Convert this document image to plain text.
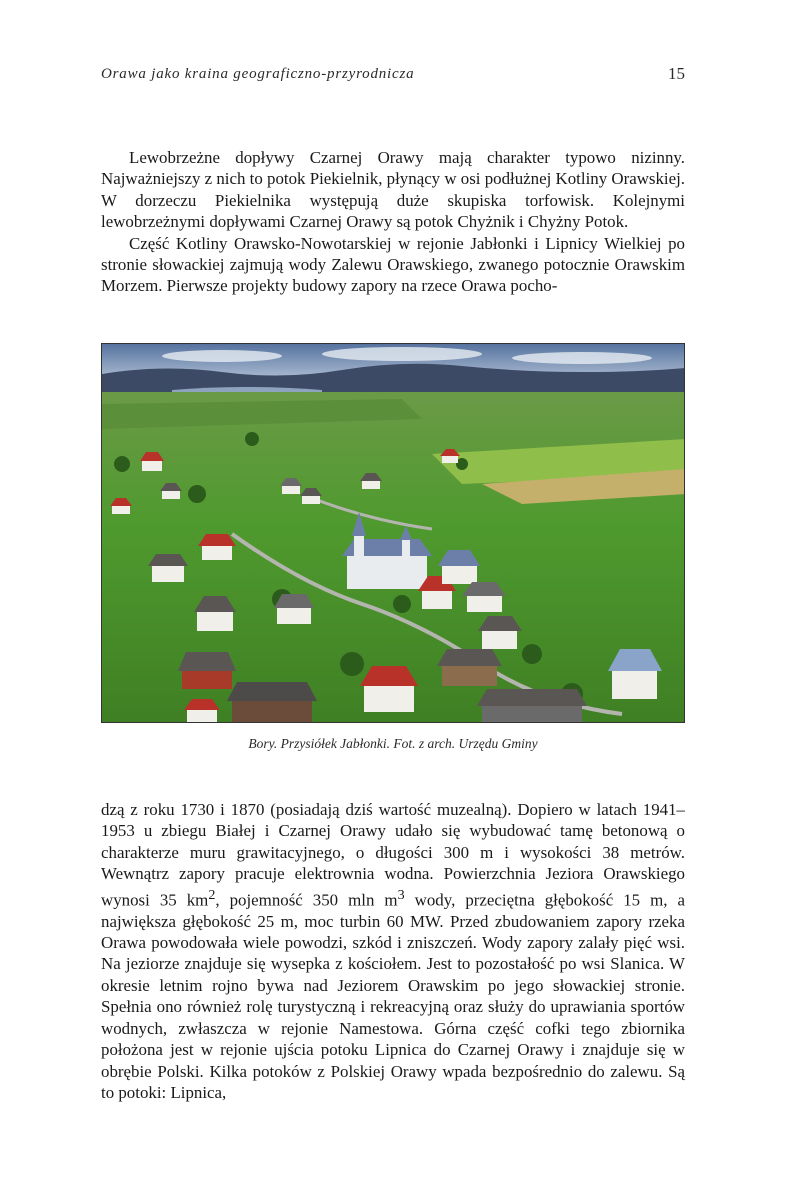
Orawa jako kraina geograficzno-przyrodnicza	15

Lewobrzeżne dopływy Czarnej Orawy mają charakter typowo nizinny. Najważniejszy z nich to potok Piekielnik, płynący w osi podłużnej Kotliny Orawskiej. W dorzeczu Piekielnika występują duże skupiska torfowisk. Kolejnymi lewobrzeżnymi dopływami Czarnej Orawy są potok Chyżnik i Chyżny Potok.

Część Kotliny Orawsko-Nowotarskiej w rejonie Jabłonki i Lipnicy Wielkiej po stronie słowackiej zajmują wody Zalewu Orawskiego, zwanego potocznie Orawskim Morzem. Pierwsze projekty budowy zapory na rzece Orawa pocho-

Bory. Przysiółek Jabłonki. Fot. z arch. Urzędu Gminy

dzą z roku 1730 i 1870 (posiadają dziś wartość muzealną). Dopiero w latach 1941–1953 u zbiegu Białej i Czarnej Orawy udało się wybudować tamę betonową o charakterze muru grawitacyjnego, o długości 300 m i wysokości 38 metrów. Wewnątrz zapory pracuje elektrownia wodna. Powierzchnia Jeziora Orawskiego wynosi 35 $km^2$, pojemność 350 mln $m^3$ wody, przeciętna głębokość 15 m, a największa głębokość 25 m, moc turbin 60 MW. Przed zbudowaniem zapory rzeka Orawa powodowała wiele powodzi, szkód i zniszczeń. Wody zapory zalały pięć wsi. Na jeziorze znajduje się wysepka z kościołem. Jest to pozostałość po wsi Slanica. W okresie letnim rojno bywa nad Jeziorem Orawskim po jego słowackiej stronie. Spełnia ono również rolę turystyczną i rekreacyjną oraz służy do uprawiania sportów wodnych, zwłaszcza w rejonie Namestowa. Górna część cofki tego zbiornika położona jest w rejonie ujścia potoku Lipnica do Czarnej Orawy i znajduje się w obrębie Polski. Kilka potoków z Polskiej Orawy wpada bezpośrednio do zalewu. Są to potoki: Lipnica,
